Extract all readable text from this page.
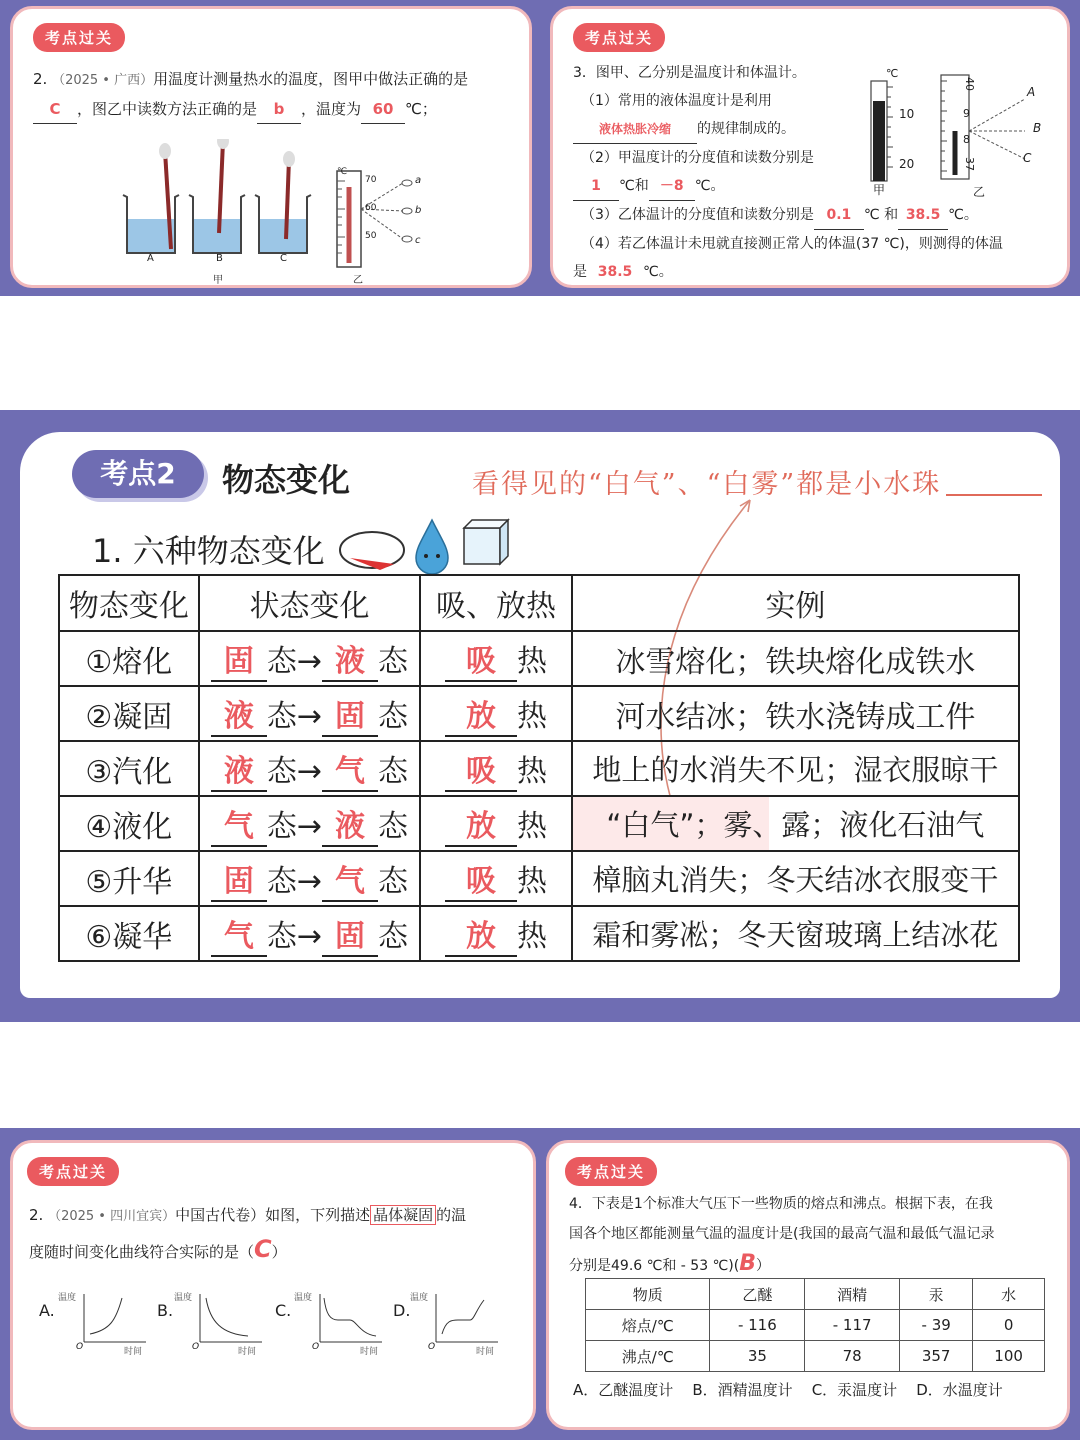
考点过关
2. （2025 • 广西）用温度计测量热水的温度，图甲中做法正确的是
C ，图乙中读数方法正确的是 b ，温度为 60 ℃；
A	B	C
甲
℃
70
60
50
a
b
c
乙
考点过关
3．图甲、乙分别是温度计和体温计。
（1）常用的液体温度计是利用
液体热胀冷缩 的规律制成的。
（2）甲温度计的分度值和读数分别是
1 ℃和 －8 ℃。
（3）乙体温计的分度值和读数分别是 0.1 ℃ 和 38.5 ℃。
（4）若乙体温计未甩就直接测正常人的体温(37 ℃)，则测得的体温
是 38.5 ℃。
℃
10
20
甲
40
9
8
37
A
B
C
乙
考点2	物态变化	看得见的“白气”、“白雾”都是小水珠
1. 六种物态变化
物态变化	状态变化	吸、放热	实例
①熔化	固 态→ 液 态	吸 热	冰雪熔化；铁块熔化成铁水
②凝固	液 态→ 固 态	放 热	河水结冰；铁水浇铸成工件
③汽化	液 态→ 气 态	吸 热	地上的水消失不见；湿衣服晾干
④液化	气 态→ 液 态	放 热	“白气”；雾、露；液化石油气
⑤升华	固 态→ 气 态	吸 热	樟脑丸消失；冬天结冰衣服变干
⑥凝华	气 态→ 固 态	放 热	霜和雾凇；冬天窗玻璃上结冰花
考点过关
2. （2025 • 四川宜宾）中国古代卷）如图，下列描述 晶体凝固 的温
度随时间变化曲线符合实际的是（C）
A.	B.	C.	D.
温度	温度	温度	温度
时间	时间	时间	时间
O	O	O	O
考点过关
4．下表是1个标准大气压下一些物质的熔点和沸点。根据下表，在我
国各个地区都能测量气温的温度计是(我国的最高气温和最低气温记录
分别是49.6 ℃和 - 53 ℃)(B）
A．乙醚温度计    B．酒精温度计    C．汞温度计    D．水温度计
物质	乙醚	酒精	汞	水
熔点/℃	- 116	- 117	- 39	0
沸点/℃	35	78	357	100
